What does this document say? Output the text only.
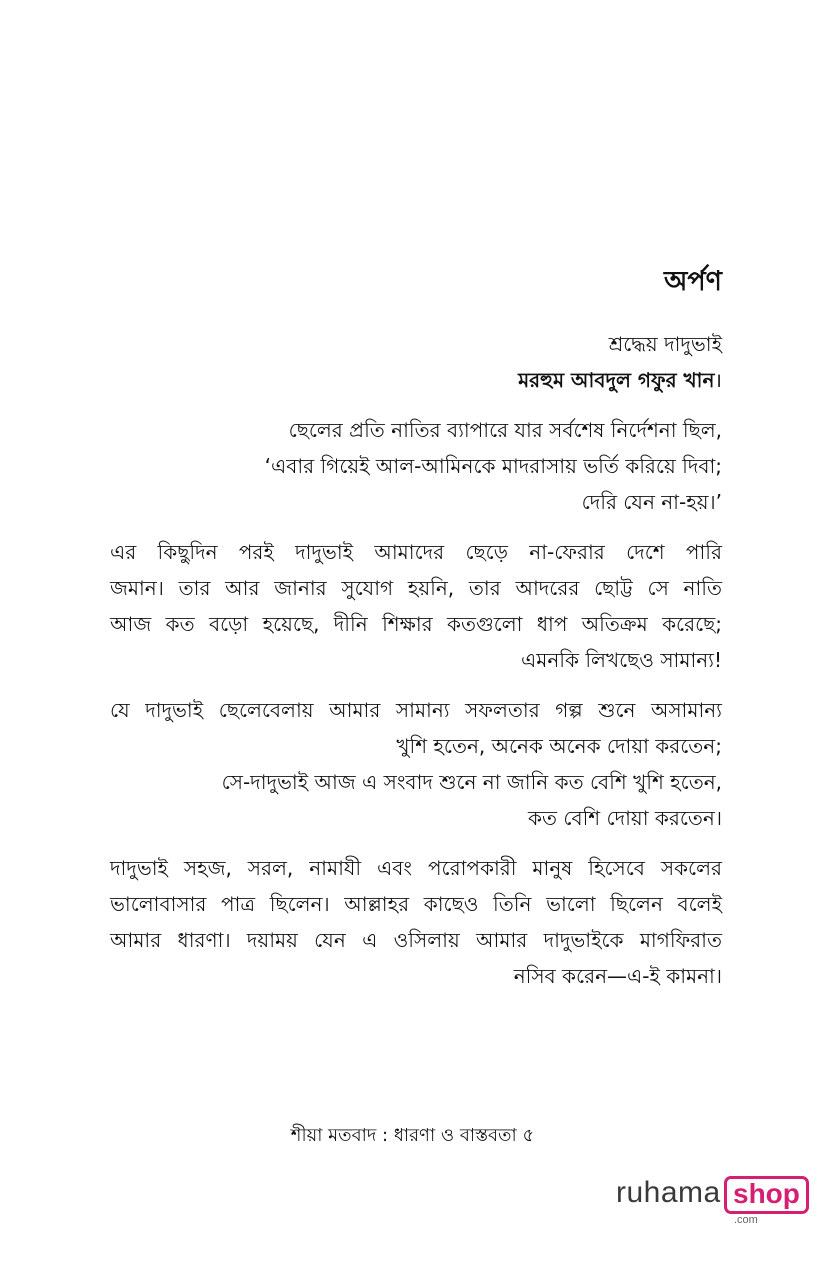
অর্পণ

শ্রদ্ধেয় দাদুভাই

মরহুম আবদুল গফুর খান।

ছেলের প্রতি নাতির ব্যাপারে যার সর্বশেষ নির্দেশনা ছিল,
‘এবার গিয়েই আল-আমিনকে মাদরাসায় ভর্তি করিয়ে দিবা;
দেরি যেন না-হয়।’
এর কিছুদিন পরই দাদুভাই আমাদের ছেড়ে না-ফেরার দেশে পারি
জমান। তার আর জানার সুযোগ হয়নি, তার আদরের ছোট্ট সে নাতি
আজ কত বড়ো হয়েছে, দীনি শিক্ষার কতগুলো ধাপ অতিক্রম করেছে;
এমনকি লিখছেও সামান্য!
যে দাদুভাই ছেলেবেলায় আমার সামান্য সফলতার গল্প শুনে অসামান্য
খুশি হতেন, অনেক অনেক দোয়া করতেন;
সে-দাদুভাই আজ এ সংবাদ শুনে না জানি কত বেশি খুশি হতেন,
কত বেশি দোয়া করতেন।
দাদুভাই সহজ, সরল, নামাযী এবং পরোপকারী মানুষ হিসেবে সকলের
ভালোবাসার পাত্র ছিলেন। আল্লাহর কাছেও তিনি ভালো ছিলেন বলেই
আমার ধারণা। দয়াময় যেন এ ওসিলায় আমার দাদুভাইকে মাগফিরাত
নসিব করেন—এ-ই কামনা।
শীয়া মতবাদ : ধারণা ও বাস্তবতা ৫
ruhama shop
.com
